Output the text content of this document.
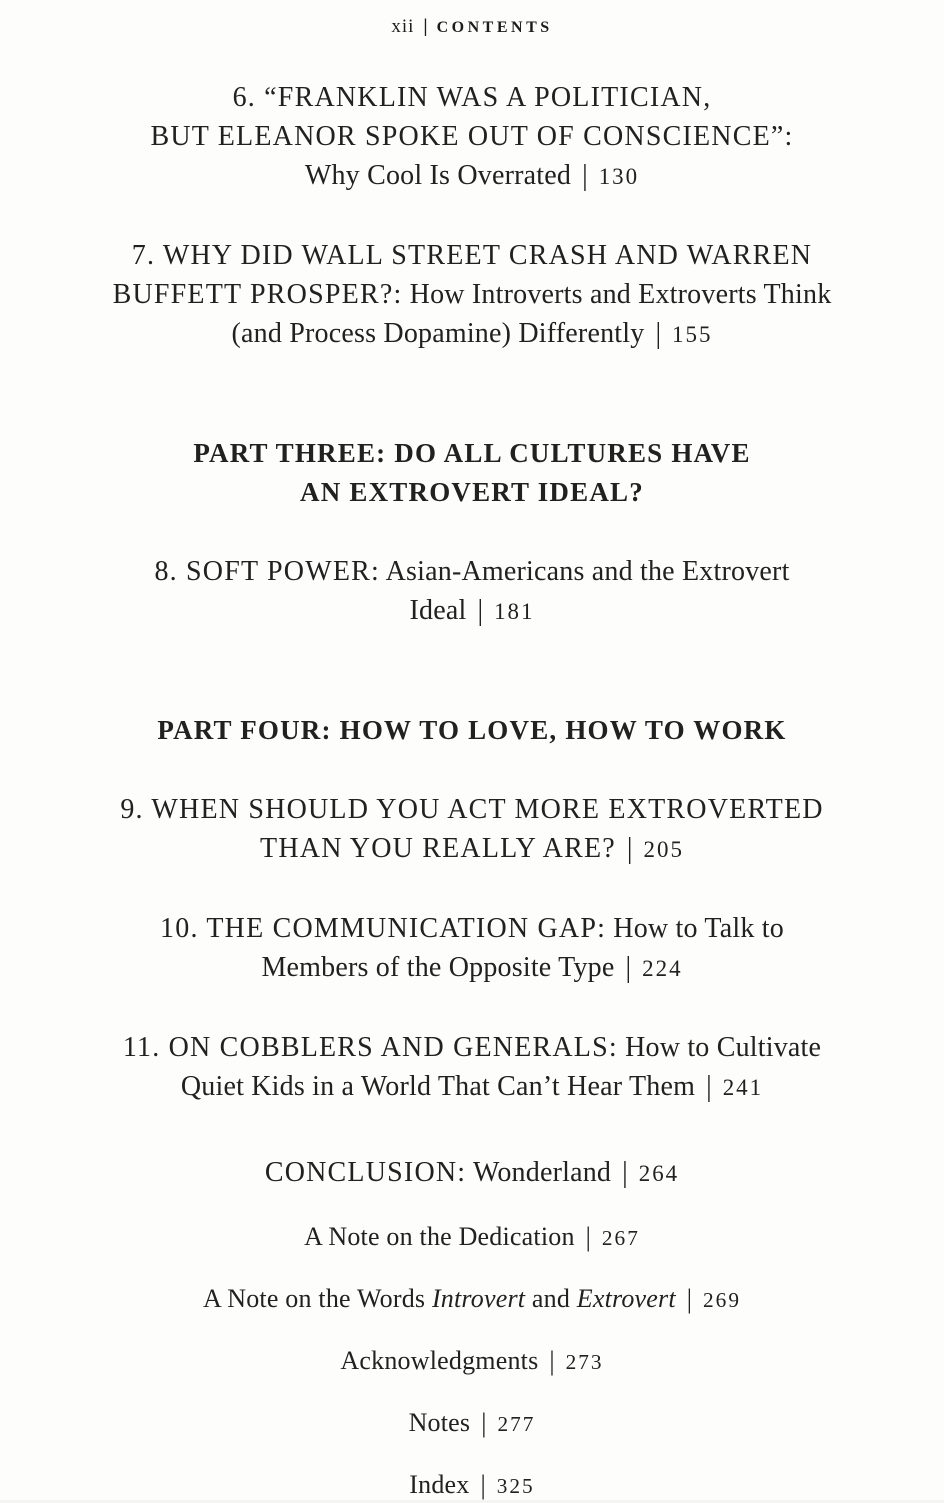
xii | CONTENTS
6. “FRANKLIN WAS A POLITICIAN,
BUT ELEANOR SPOKE OUT OF CONSCIENCE”:
Why Cool Is Overrated | 130
7. WHY DID WALL STREET CRASH AND WARREN
BUFFETT PROSPER?: How Introverts and Extroverts Think
(and Process Dopamine) Differently | 155
PART THREE: DO ALL CULTURES HAVE
AN EXTROVERT IDEAL?
8. SOFT POWER: Asian-Americans and the Extrovert
Ideal | 181
PART FOUR: HOW TO LOVE, HOW TO WORK
9. WHEN SHOULD YOU ACT MORE EXTROVERTED
THAN YOU REALLY ARE? | 205
10. THE COMMUNICATION GAP: How to Talk to
Members of the Opposite Type | 224
11. ON COBBLERS AND GENERALS: How to Cultivate
Quiet Kids in a World That Can’t Hear Them | 241
CONCLUSION: Wonderland | 264
A Note on the Dedication | 267
A Note on the Words Introvert and Extrovert | 269
Acknowledgments | 273
Notes | 277
Index | 325
